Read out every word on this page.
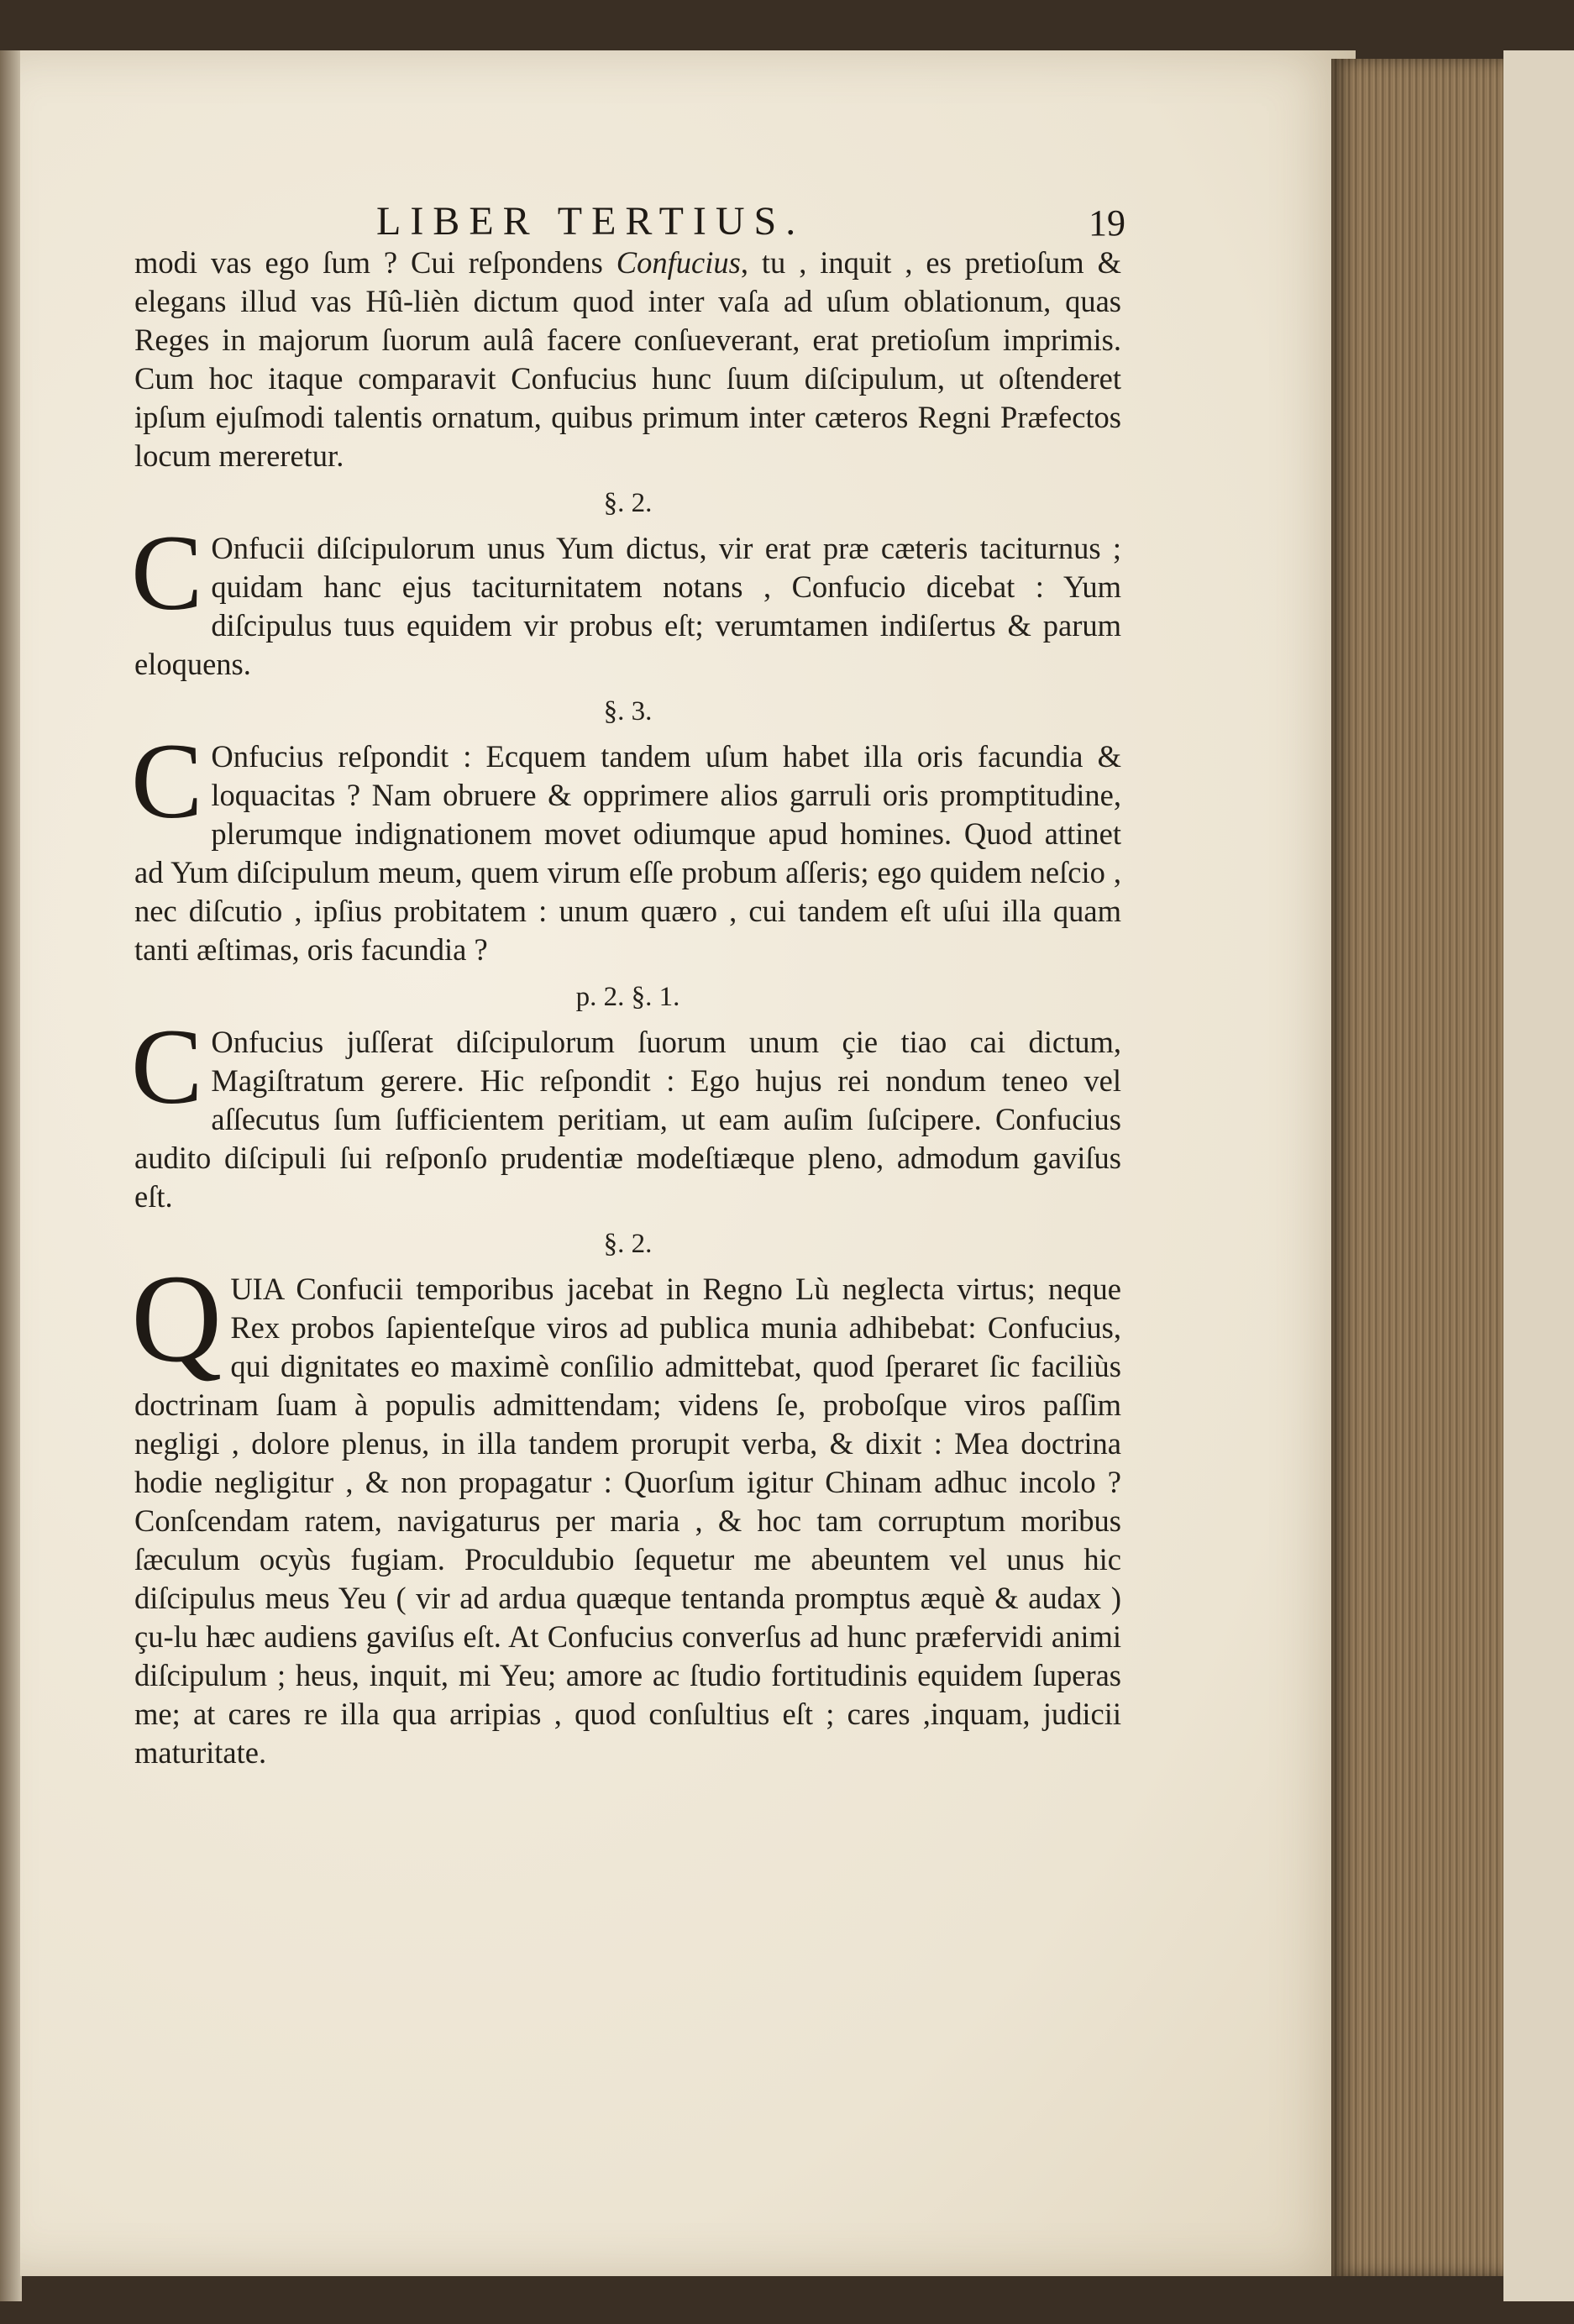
LIBER TERTIUS.	19

modi vas ego ſum ? Cui reſpondens Confucius, tu , inquit , es pretioſum & elegans illud vas Hû-lièn dictum quod inter vaſa ad uſum oblationum, quas Reges in majorum ſuorum aulâ facere conſueverant, erat pretioſum imprimis. Cum hoc itaque comparavit Confucius hunc ſuum diſcipulum, ut oſtenderet ipſum ejuſmodi talentis ornatum, quibus primum inter cæteros Regni Præfectos locum mereretur.

§. 2.

C Onfucii diſcipulorum unus Yum dictus, vir erat præ cæteris taciturnus ; quidam hanc ejus taciturnitatem notans , Confucio dicebat : Yum diſcipulus tuus equidem vir probus eſt; verumtamen indiſertus & parum eloquens.

§. 3.

C Onfucius reſpondit : Ecquem tandem uſum habet illa oris facundia & loquacitas ? Nam obruere & opprimere alios garruli oris promptitudine, plerumque indignationem movet odiumque apud homines. Quod attinet ad Yum diſcipulum meum, quem virum eſſe probum aſſeris; ego quidem neſcio , nec diſcutio , ipſius probitatem : unum quæro , cui tandem eſt uſui illa quam tanti æſtimas, oris facundia ?

p. 2. §. 1.

C Onfucius juſſerat diſcipulorum ſuorum unum çie tiao cai dictum, Magiſtratum gerere. Hic reſpondit : Ego hujus rei nondum teneo vel aſſecutus ſum ſufficientem peritiam, ut eam auſim ſuſcipere. Confucius audito diſcipuli ſui reſponſo prudentiæ modeſtiæque pleno, admodum gaviſus eſt.

§. 2.

QUIA Confucii temporibus jacebat in Regno Lù neglecta virtus; neque Rex probos ſapienteſque viros ad publica munia adhibebat: Confucius, qui dignitates eo maximè conſilio admittebat, quod ſperaret ſic faciliùs doctrinam ſuam à populis admittendam; videns ſe, proboſque viros paſſim negligi , dolore plenus, in illa tandem prorupit verba, & dixit : Mea doctrina hodie negligitur , & non propagatur : Quorſum igitur Chinam adhuc incolo ? Conſcendam ratem, navigaturus per maria , & hoc tam corruptum moribus ſæculum ocyùs fugiam. Proculdubio ſequetur me abeuntem vel unus hic diſcipulus meus Yeu ( vir ad ardua quæque tentanda promptus æquè & audax ) çu-lu hæc audiens gaviſus eſt. At Confucius converſus ad hunc præfervidi animi diſcipulum ; heus, inquit, mi Yeu; amore ac ſtudio fortitudinis equidem ſuperas me; at cares re illa qua arripias , quod conſultius eſt ; cares ,inquam, judicii maturitate.
